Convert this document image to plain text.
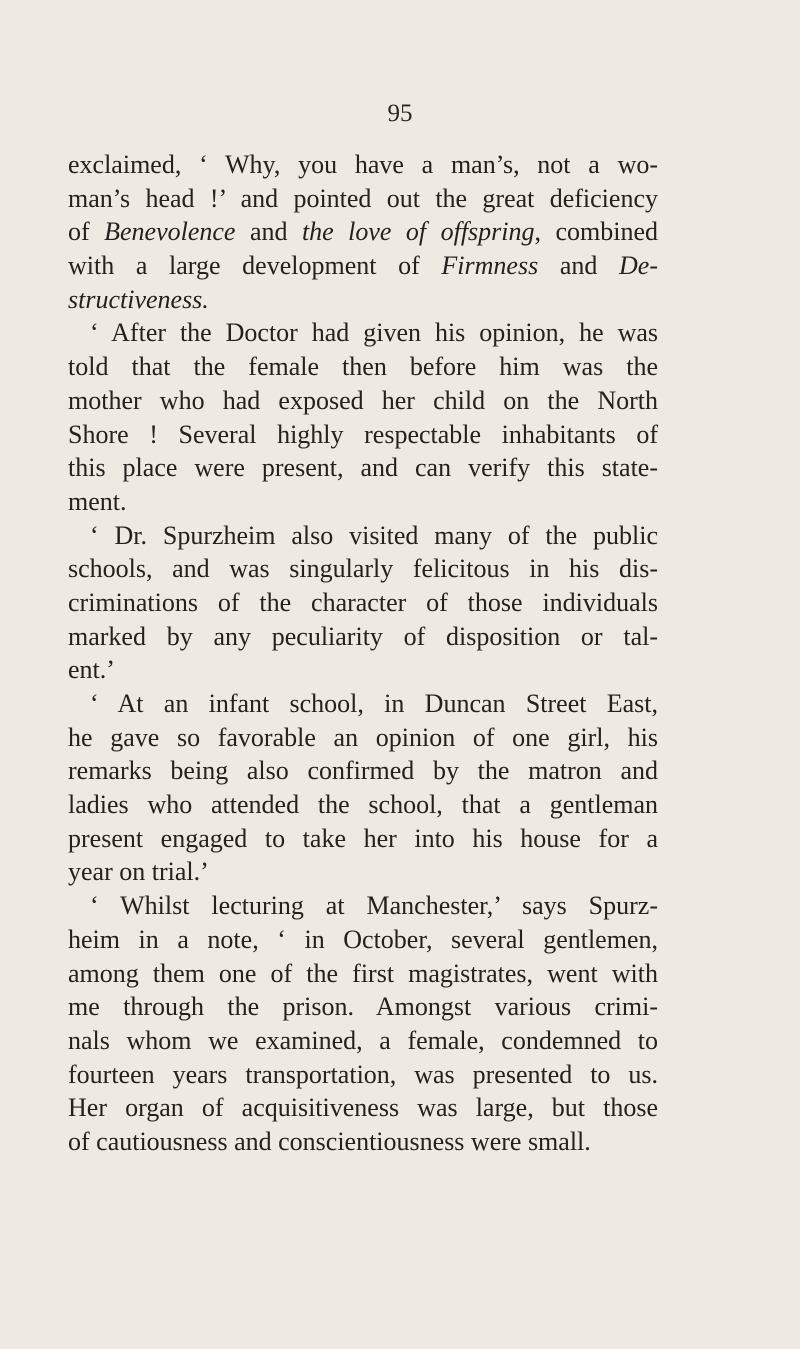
95
exclaimed, ‘ Why, you have a man’s, not a wo-
man’s head !’ and pointed out the great deficiency
of Benevolence and the love of offspring, combined
with a large development of Firmness and De-
structiveness.
‘ After the Doctor had given his opinion, he was
told that the female then before him was the
mother who had exposed her child on the North
Shore ! Several highly respectable inhabitants of
this place were present, and can verify this state-
ment.
‘ Dr. Spurzheim also visited many of the public
schools, and was singularly felicitous in his dis-
criminations of the character of those individuals
marked by any peculiarity of disposition or tal-
ent.’
‘ At an infant school, in Duncan Street East,
he gave so favorable an opinion of one girl, his
remarks being also confirmed by the matron and
ladies who attended the school, that a gentleman
present engaged to take her into his house for a
year on trial.’
‘ Whilst lecturing at Manchester,’ says Spurz-
heim in a note, ‘ in October, several gentlemen,
among them one of the first magistrates, went with
me through the prison. Amongst various crimi-
nals whom we examined, a female, condemned to
fourteen years transportation, was presented to us.
Her organ of acquisitiveness was large, but those
of cautiousness and conscientiousness were small.
